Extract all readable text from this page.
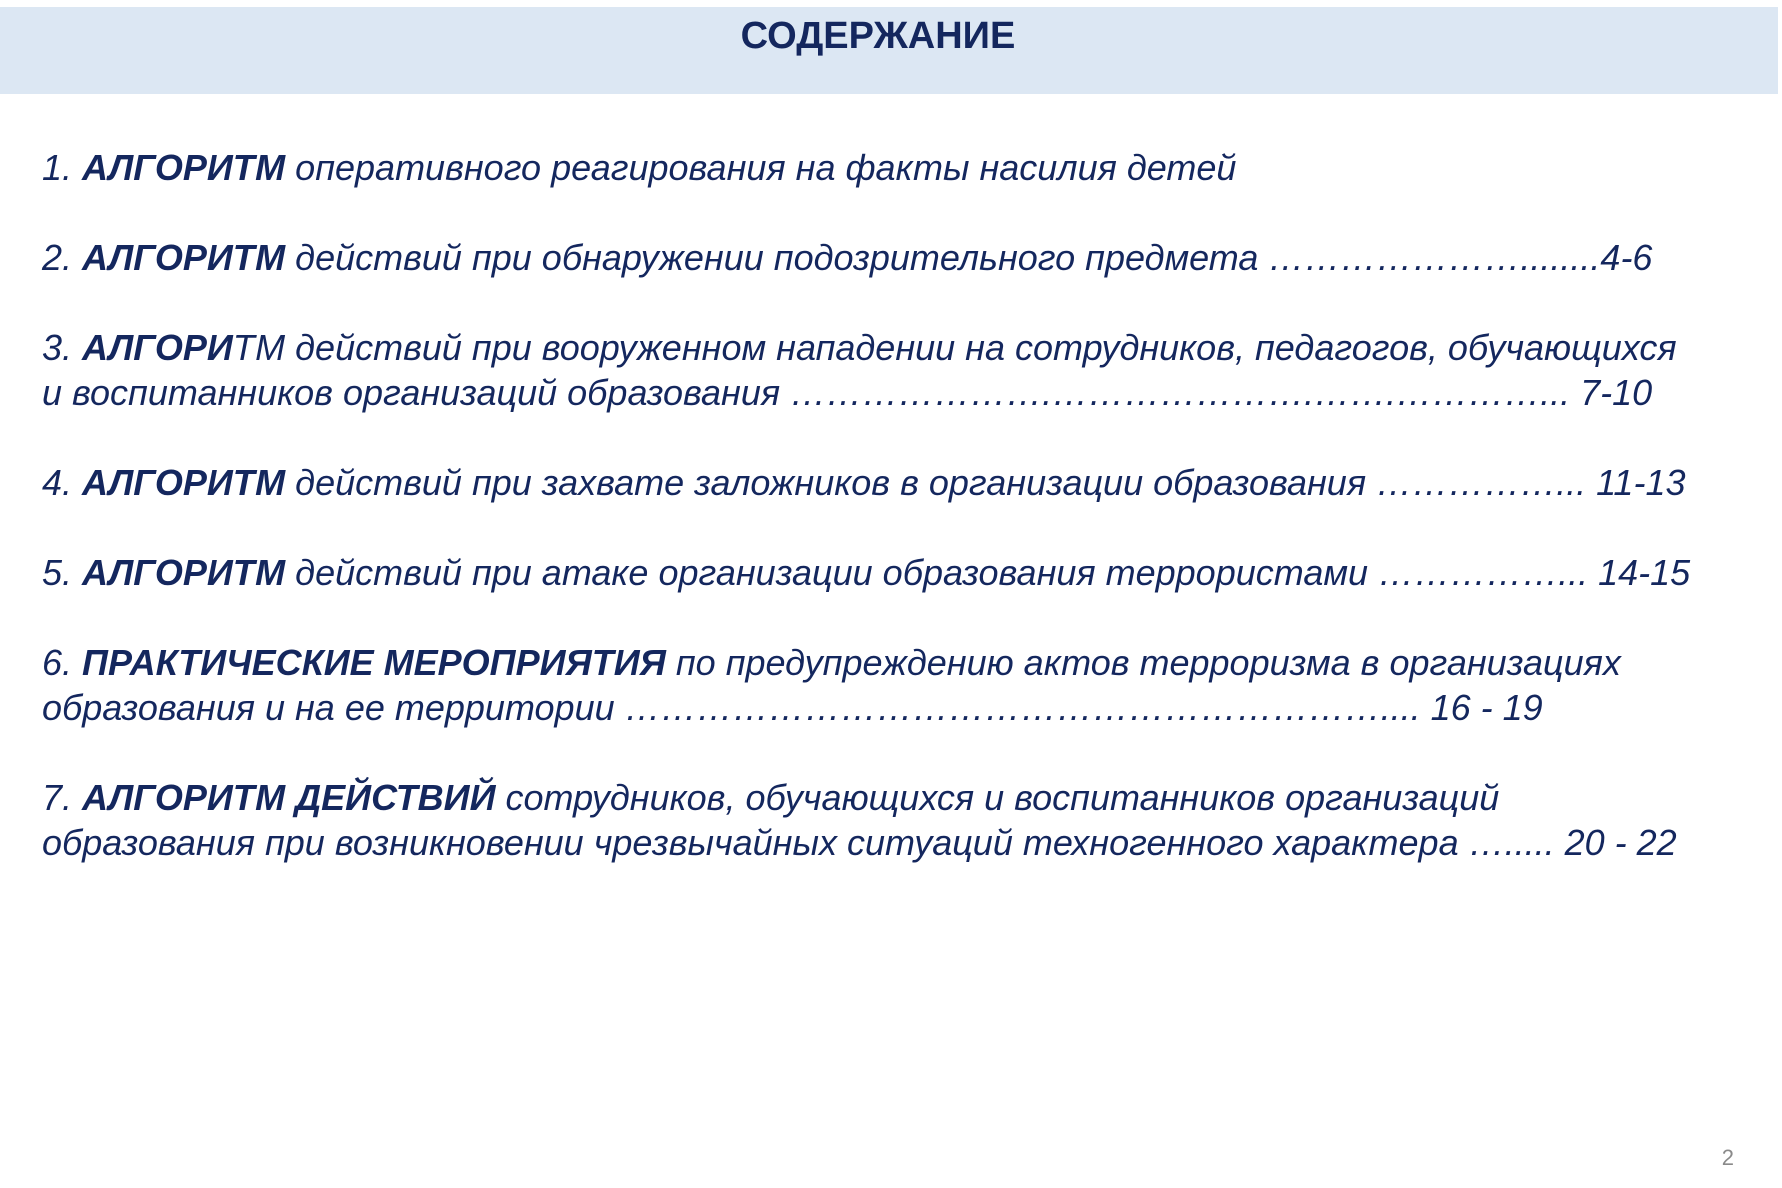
СОДЕРЖАНИЕ
1. АЛГОРИТМ оперативного реагирования на факты насилия детей
2. АЛГОРИТМ действий при обнаружении подозрительного предмета …………………........4-6
3. АЛГОРИТМ действий при вооруженном нападении на сотрудников, педагогов, обучающихся
и воспитанников организаций образования ………………….………………….…….…………... 7-10
4. АЛГОРИТМ действий при захвате заложников в организации образования ……………... 11-13
5. АЛГОРИТМ действий при атаке организации образования террористами ……………... 14-15
6. ПРАКТИЧЕСКИЕ МЕРОПРИЯТИЯ по предупреждению актов терроризма в организациях
образования и на ее территории ……………………………………………………….... 16 - 19
7. АЛГОРИТМ ДЕЙСТВИЙ сотрудников, обучающихся и воспитанников организаций
образования при возникновении чрезвычайных ситуаций техногенного характера …..... 20 - 22
2
